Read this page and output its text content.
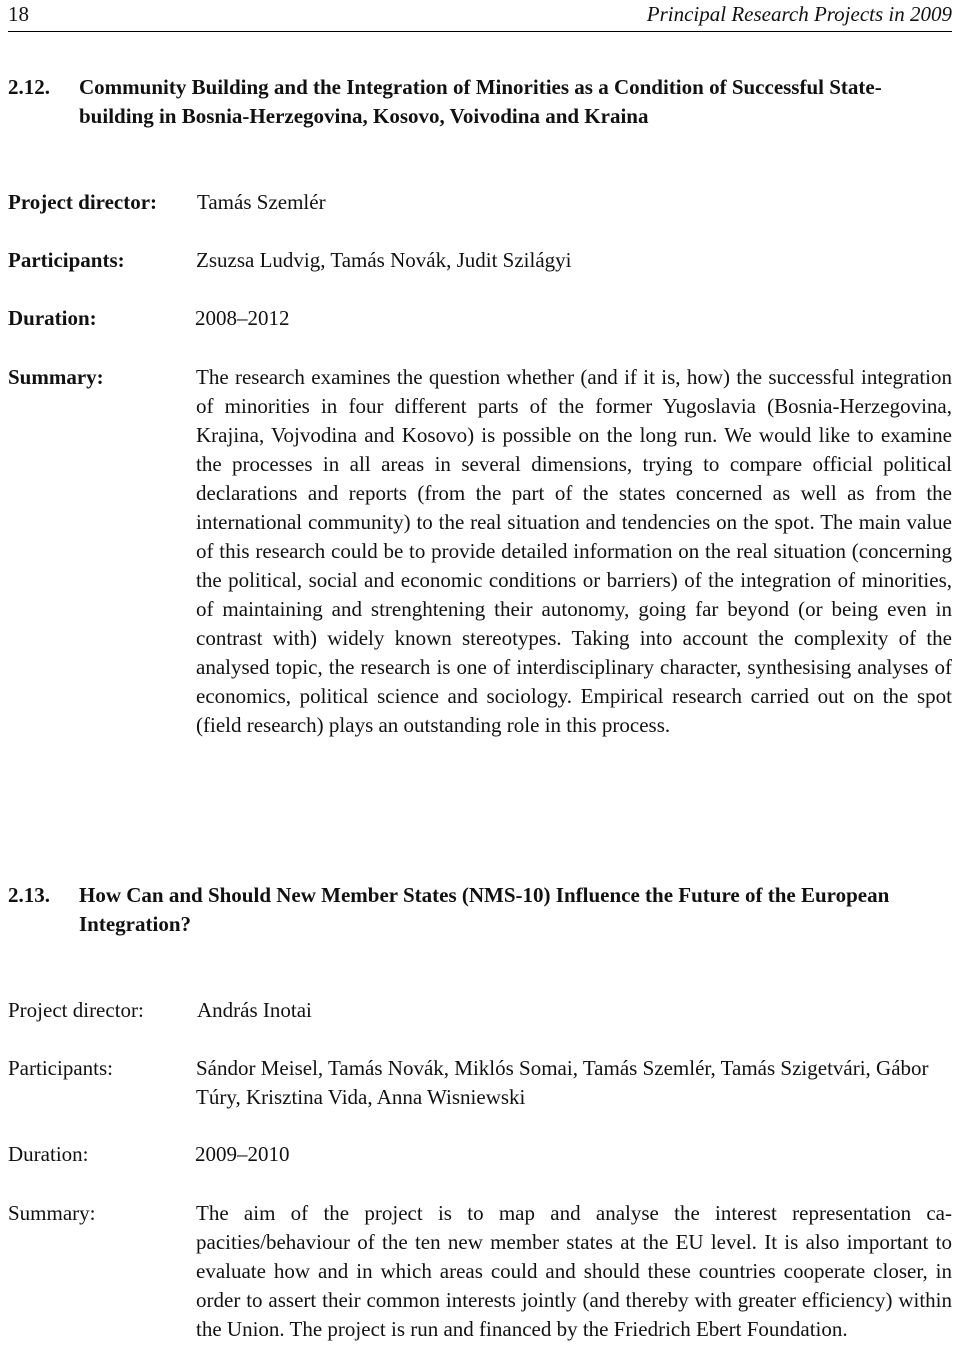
18	Principal Research Projects in 2009
2.12. Community Building and the Integration of Minorities as a Condition of Successful State-building in Bosnia-Herzegovina, Kosovo, Voivodina and Kraina
Project director: Tamás Szemlér
Participants:	Zsuzsa Ludvig, Tamás Novák, Judit Szilágyi
Duration:	2008–2012
Summary:	The research examines the question whether (and if it is, how) the successful integration of minorities in four different parts of the former Yugoslavia (Bosnia-Herzegovina, Krajina, Vojvodina and Kosovo) is possible on the long run. We would like to examine the processes in all areas in several dimensions, trying to compare official political declarations and reports (from the part of the states concerned as well as from the international community) to the real situation and tendencies on the spot. The main value of this research could be to provide detailed information on the real situation (concerning the political, social and economic conditions or barriers) of the integration of minorities, of maintaining and strenghtening their autonomy, going far beyond (or being even in contrast with) widely known stereotypes. Taking into account the complexity of the analysed topic, the research is one of interdisciplinary character, synthesising analyses of economics, political science and sociology. Empirical research carried out on the spot (field research) plays an outstanding role in this process.
2.13. How Can and Should New Member States (NMS-10) Influence the Future of the European Integration?
Project director:	András Inotai
Participants:	Sándor Meisel, Tamás Novák, Miklós Somai, Tamás Szemlér, Tamás Szigetvári, Gábor Túry, Krisztina Vida, Anna Wisniewski
Duration:	2009–2010
Summary:	The aim of the project is to map and analyse the interest representation capacities/behaviour of the ten new member states at the EU level. It is also important to evaluate how and in which areas could and should these countries cooperate closer, in order to assert their common interests jointly (and thereby with greater efficiency) within the Union. The project is run and financed by the Friedrich Ebert Foundation.
